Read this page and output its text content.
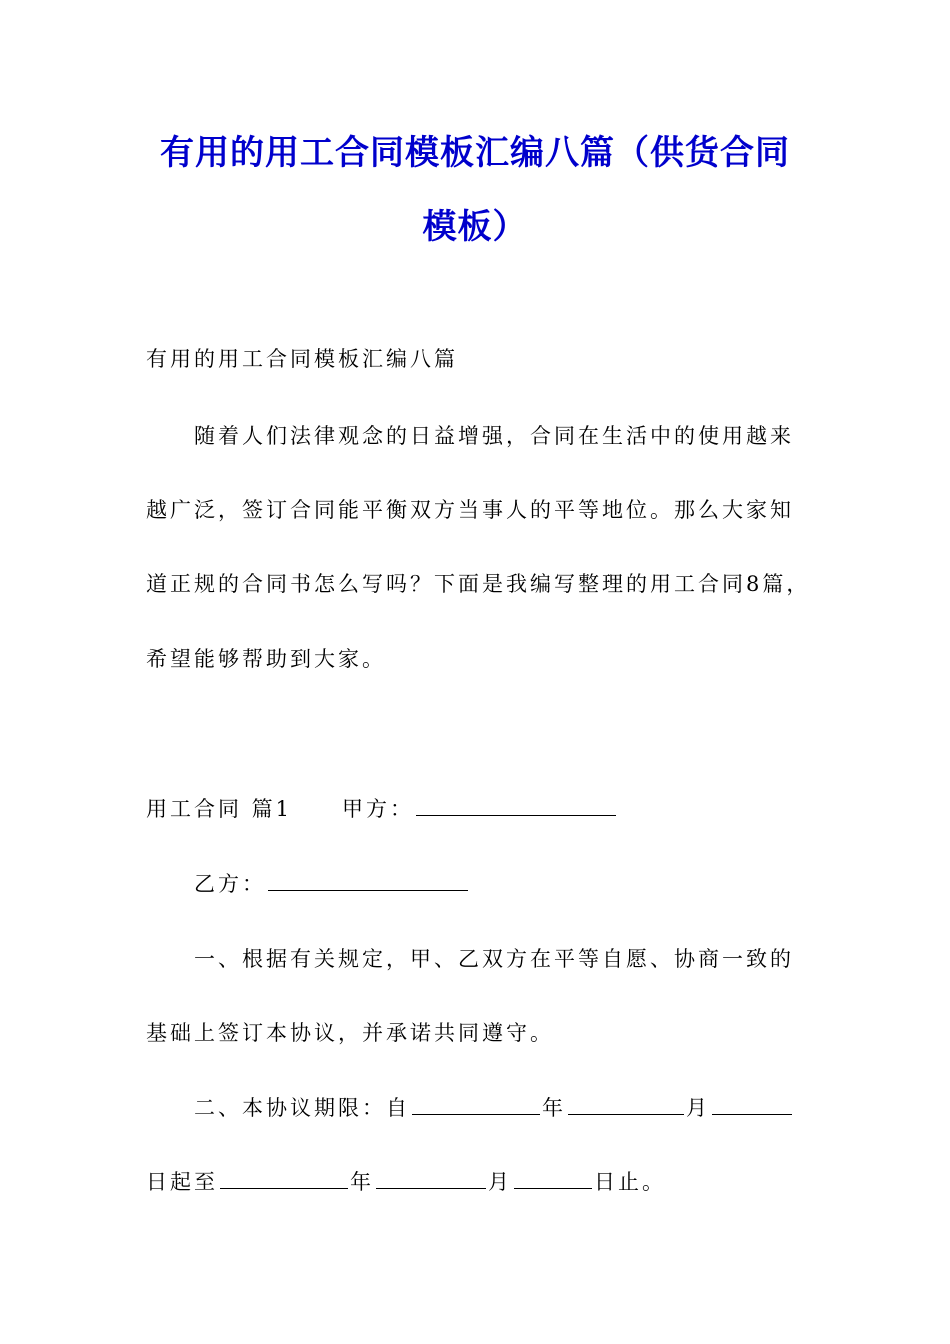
有用的用工合同模板汇编八篇（供货合同
模板）
有用的用工合同模板汇编八篇
随着人们法律观念的日益增强，合同在生活中的使用越来
越广泛，签订合同能平衡双方当事人的平等地位。那么大家知
道正规的合同书怎么写吗？下面是我编写整理的用工合同8篇，
希望能够帮助到大家。
用工合同 篇1 甲方：
乙方：
一、根据有关规定，甲、乙双方在平等自愿、协商一致的
基础上签订本协议，并承诺共同遵守。
二、本协议期限：自	年	月
日起至	年	月	日止。
